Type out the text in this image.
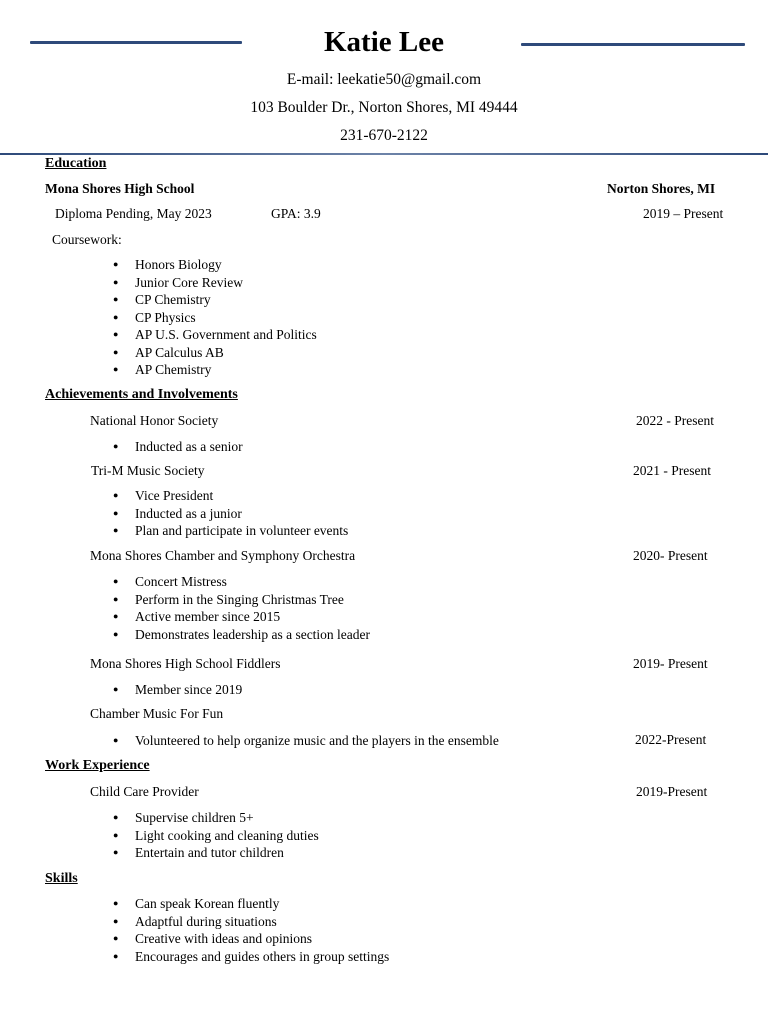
Katie Lee
E-mail: leekatie50@gmail.com
103 Boulder Dr., Norton Shores, MI 49444
231-670-2122
Education
Mona Shores High School	Norton Shores, MI
Diploma Pending, May 2023	GPA: 3.9	2019 – Present
Coursework:
● Honors Biology
● Junior Core Review
● CP Chemistry
● CP Physics
● AP U.S. Government and Politics
● AP Calculus AB
● AP Chemistry
Achievements and Involvements
National Honor Society	2022 - Present
● Inducted as a senior
Tri-M Music Society	2021 - Present
● Vice President
● Inducted as a junior
● Plan and participate in volunteer events
Mona Shores Chamber and Symphony Orchestra	2020- Present
● Concert Mistress
● Perform in the Singing Christmas Tree
● Active member since 2015
● Demonstrates leadership as a section leader
Mona Shores High School Fiddlers	2019- Present
● Member since 2019
Chamber Music For Fun
● Volunteered to help organize music and the players in the ensemble	2022-Present
Work Experience
Child Care Provider	2019-Present
● Supervise children 5+
● Light cooking and cleaning duties
● Entertain and tutor children
Skills
● Can speak Korean fluently
● Adaptful during situations
● Creative with ideas and opinions
● Encourages and guides others in group settings
